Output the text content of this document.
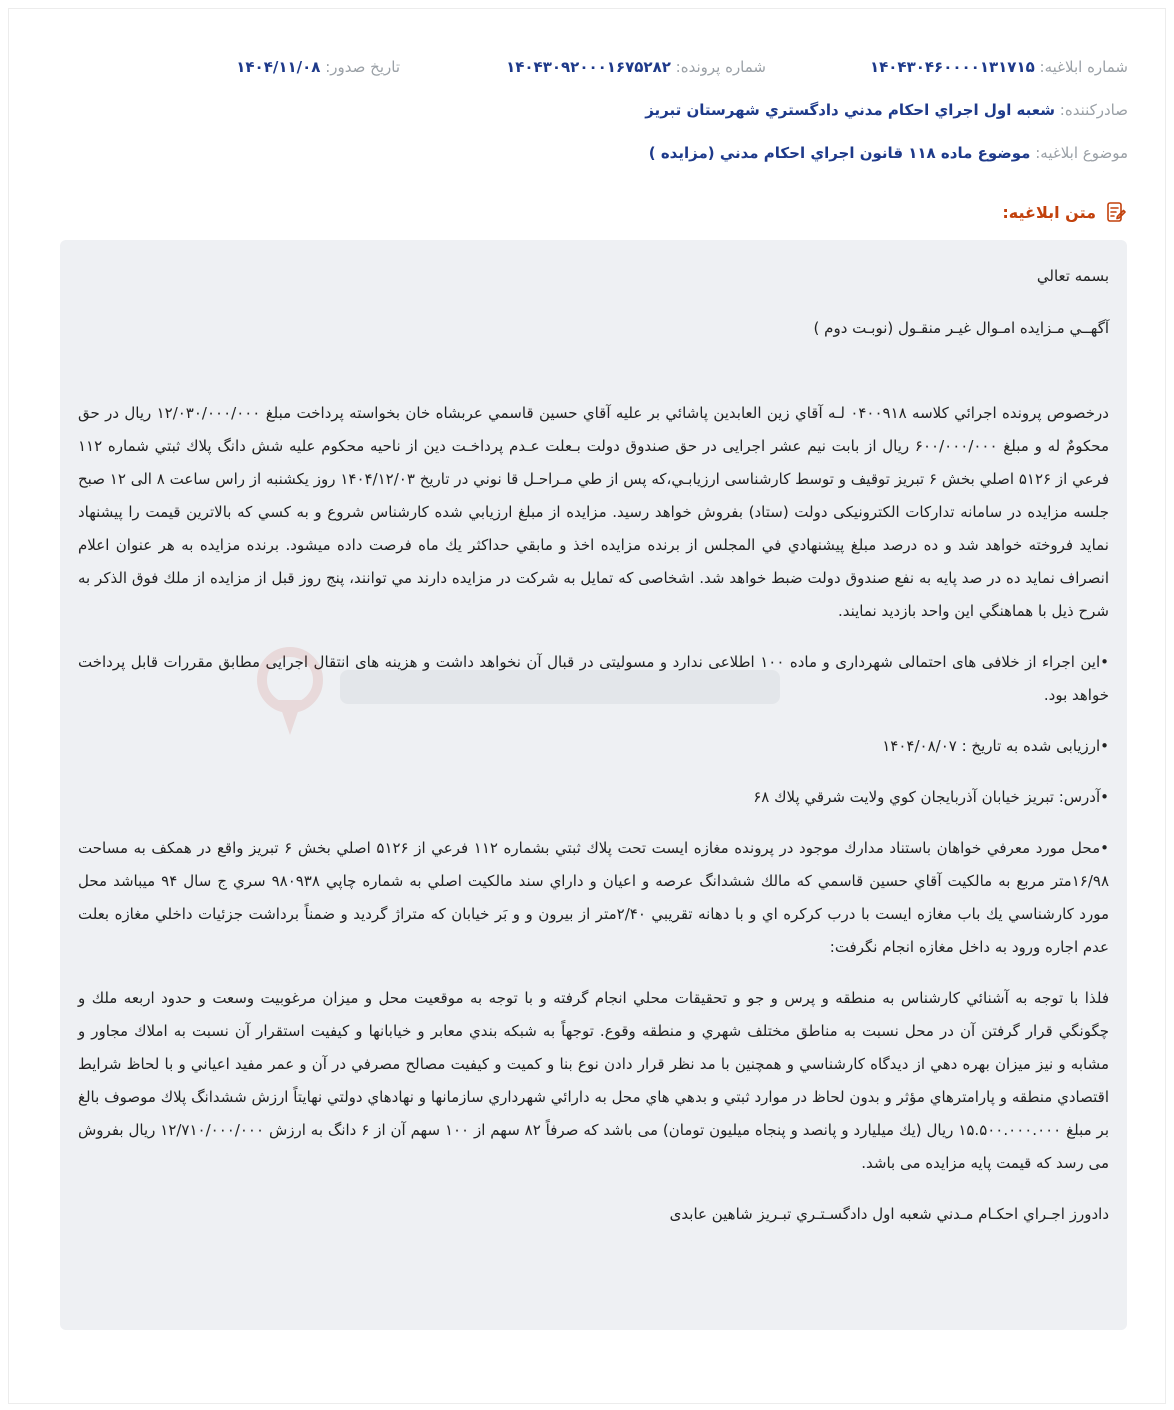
شماره ابلاغیه: ۱۴۰۴۳۰۴۶۰۰۰۰۱۳۱۷۱۵
شماره پرونده: ۱۴۰۴۳۰۹۲۰۰۰۱۶۷۵۲۸۲
تاریخ صدور: ۱۴۰۴/۱۱/۰۸
صادرکننده: شعبه اول اجراي احكام مدني دادگستري شهرستان تبريز
موضوع ابلاغیه: موضوع ماده ۱۱۸ قانون اجراي احكام مدني (مزایده )
متن ابلاغیه:

بسمه تعالي

آگهــي مـزایده امـوال غیـر منقـول (نوبـت دوم )

درخصوص پرونده اجرائي كلاسه ۰۴۰۰۹۱۸ لـه آقاي زین العابدین پاشائي بر علیه آقاي حسین قاسمي عربشاه خان بخواسته پرداخت مبلغ ۱۲/۰۳۰/۰۰۰/۰۰۰ ریال در حق محكومٌ له و مبلغ ۶۰۰/۰۰۰/۰۰۰ ریال از بابت نیم عشر اجرایی در حق صندوق دولت بـعلت عـدم پرداخـت دین از ناحیه محكوم علیه شش دانگ پلاك ثبتي شماره ۱۱۲ فرعي از ۵۱۲۶ اصلي بخش ۶ تبریز توقیف و توسط كارشناسی ارزيابـي،كه پس از طي مـراحـل قا نوني در تاریخ ۱۴۰۴/۱۲/۰۳ روز یكشنبه از راس ساعت ۸ الی ۱۲ صبح جلسه مزایده در سامانه تداركات الكترونیكی دولت (ستاد) بفروش خواهد رسید. مزايده از مبلغ ارزیابي شده كارشناس شروع و به كسي كه بالاترین قیمت را پیشنهاد نماید فروخته خواهد شد و ده درصد مبلغ پیشنهادي في المجلس از برنده مزایده اخذ و مابقي حداكثر يك ماه فرصت داده میشود. برنده مزایده به هر عنوان اعلام انصراف نماید ده در صد پایه به نفع صندوق دولت ضبط خواهد شد. اشخاصی كه تمایل به شركت در مزايده دارند مي توانند، پنج روز قبل از مزايده از ملك فوق الذكر به شرح ذیل با هماهنگي این واحد بازدید نمایند.

•این اجراء از خلافی های احتمالی شهرداری و ماده ۱۰۰ اطلاعی ندارد و مسولیتی در قبال آن نخواهد داشت و هزینه های انتقال اجرایی مطابق مقررات قابل پرداخت خواهد بود.

•ارزیابی شده به تاریخ : ۱۴۰۴/۰۸/۰۷

•آدرس: تبریز خیابان آذربایجان كوي ولایت شرقي پلاك ۶۸

•محل مورد معرفي خواهان باستناد مدارك موجود در پرونده مغازه ایست تحت پلاك ثبتي بشماره ۱۱۲ فرعي از ۵۱۲۶ اصلي بخش ۶ تبريز واقع در همكف به مساحت ۱۶/۹۸متر مربع به مالكيت آقاي حسين قاسمي كه مالك ششدانگ عرصه و اعيان و داراي سند مالكيت اصلي به شماره چاپي ۹۸۰۹۳۸ سري ج سال ۹۴ ميباشد محل مورد كارشناسي يك باب مغازه ايست با درب كركره اي و با دهانه تقريبي ۲/۴۰متر از بيرون و و بَر خيابان كه متراژ گرديد و ضمناً برداشت جزئيات داخلي مغازه بعلت عدم اجاره ورود به داخل مغازه انجام نگرفت:

فلذا با توجه به آشنائي كارشناس به منطقه و پرس و جو و تحقيقات محلي انجام گرفته و با توجه به موقعيت محل و ميزان مرغوبيت وسعت و حدود اربعه ملك و چگونگي قرار گرفتن آن در محل نسبت به مناطق مختلف شهري و منطقه وقوع. توجهاً به شبكه بندي معابر و خيابانها و كيفيت استقرار آن نسبت به املاك مجاور و مشابه و نيز ميزان بهره دهي از ديدگاه كارشناسي و همچنين با مد نظر قرار دادن نوع بنا و كميت و كيفيت مصالح مصرفي در آن و عمر مفيد اعياني و با لحاظ شرايط اقتصادي منطقه و پارامترهاي مؤثر و بدون لحاظ در موارد ثبتي و بدهي هاي محل به دارائي شهرداري سازمانها و نهادهاي دولتي نهايتاً ارزش ششدانگ پلاك موصوف بالغ بر مبلغ ۱۵.۵۰۰.۰۰۰.۰۰۰ ريال (يك ميليارد و پانصد و پنجاه ميليون تومان) می باشد كه صرفاً ۸۲ سهم از ۱۰۰ سهم آن از ۶ دانگ به ارزش ۱۲/۷۱۰/۰۰۰/۰۰۰ ريال بفروش می رسد كه قيمت پايه مزايده می باشد.

دادورز اجـراي احكـام مـدني شعبه اول دادگسـتـري تبـريز شاهین عابدی
